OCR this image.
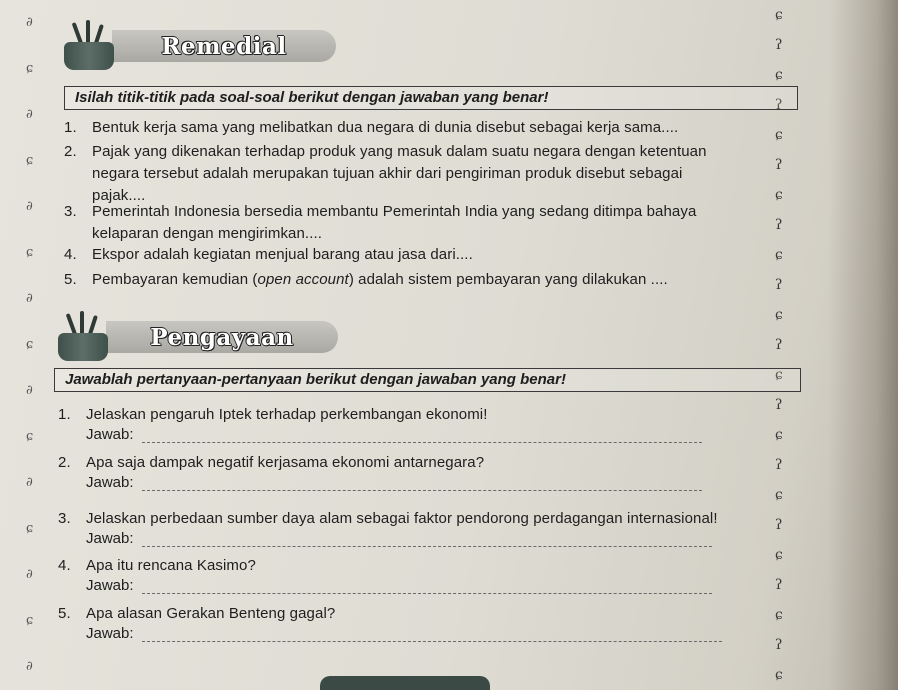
∂
ɕ
∂
ɕ
∂
ɕ
∂
ɕ
∂
ɕ
∂
ɕ
∂
ɕ
∂
ɕ
ʔ
ɕ
ʔ
ɕ
ʔ
ɕ
ʔ
ɕ
ʔ
ɕ
ʔ
ɕ
ʔ
ɕ
ʔ
ɕ
ʔ
ɕ
ʔ
ɕ
ʔ
ɕ
Remedial
Isilah titik-titik pada soal-soal berikut dengan jawaban yang benar!
1. Bentuk kerja sama yang melibatkan dua negara di dunia disebut sebagai kerja sama....
2. Pajak yang dikenakan terhadap produk yang masuk dalam suatu negara dengan ketentuan
negara tersebut adalah merupakan tujuan akhir dari pengiriman produk disebut sebagai
pajak....
3. Pemerintah Indonesia bersedia membantu Pemerintah India yang sedang ditimpa bahaya
kelaparan dengan mengirimkan....
4. Ekspor adalah kegiatan menjual barang atau jasa dari....
5. Pembayaran kemudian (open account) adalah sistem pembayaran yang dilakukan ....
Pengayaan
Jawablah pertanyaan-pertanyaan berikut dengan jawaban yang benar!
1. Jelaskan pengaruh Iptek terhadap perkembangan ekonomi!
Jawab:
2. Apa saja dampak negatif kerjasama ekonomi antarnegara?
Jawab:
3. Jelaskan perbedaan sumber daya alam sebagai faktor pendorong perdagangan internasional!
Jawab:
4. Apa itu rencana Kasimo?
Jawab:
5. Apa alasan Gerakan Benteng gagal?
Jawab:
